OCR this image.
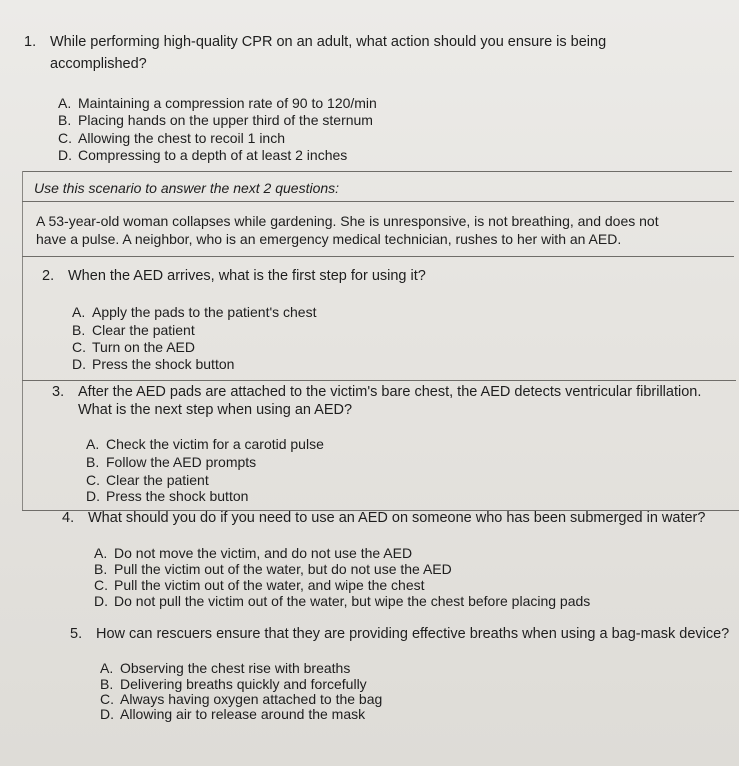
1. While performing high-quality CPR on an adult, what action should you ensure is being
accomplished?
A. Maintaining a compression rate of 90 to 120/min
B. Placing hands on the upper third of the sternum
C. Allowing the chest to recoil 1 inch
D. Compressing to a depth of at least 2 inches
Use this scenario to answer the next 2 questions:
A 53-year-old woman collapses while gardening. She is unresponsive, is not breathing, and does not
have a pulse. A neighbor, who is an emergency medical technician, rushes to her with an AED.
2. When the AED arrives, what is the first step for using it?
A. Apply the pads to the patient's chest
B. Clear the patient
C. Turn on the AED
D. Press the shock button
3. After the AED pads are attached to the victim's bare chest, the AED detects ventricular fibrillation.
What is the next step when using an AED?
A. Check the victim for a carotid pulse
B. Follow the AED prompts
C. Clear the patient
D. Press the shock button
4. What should you do if you need to use an AED on someone who has been submerged in water?
A. Do not move the victim, and do not use the AED
B. Pull the victim out of the water, but do not use the AED
C. Pull the victim out of the water, and wipe the chest
D. Do not pull the victim out of the water, but wipe the chest before placing pads
5. How can rescuers ensure that they are providing effective breaths when using a bag-mask device?
A. Observing the chest rise with breaths
B. Delivering breaths quickly and forcefully
C. Always having oxygen attached to the bag
D. Allowing air to release around the mask
